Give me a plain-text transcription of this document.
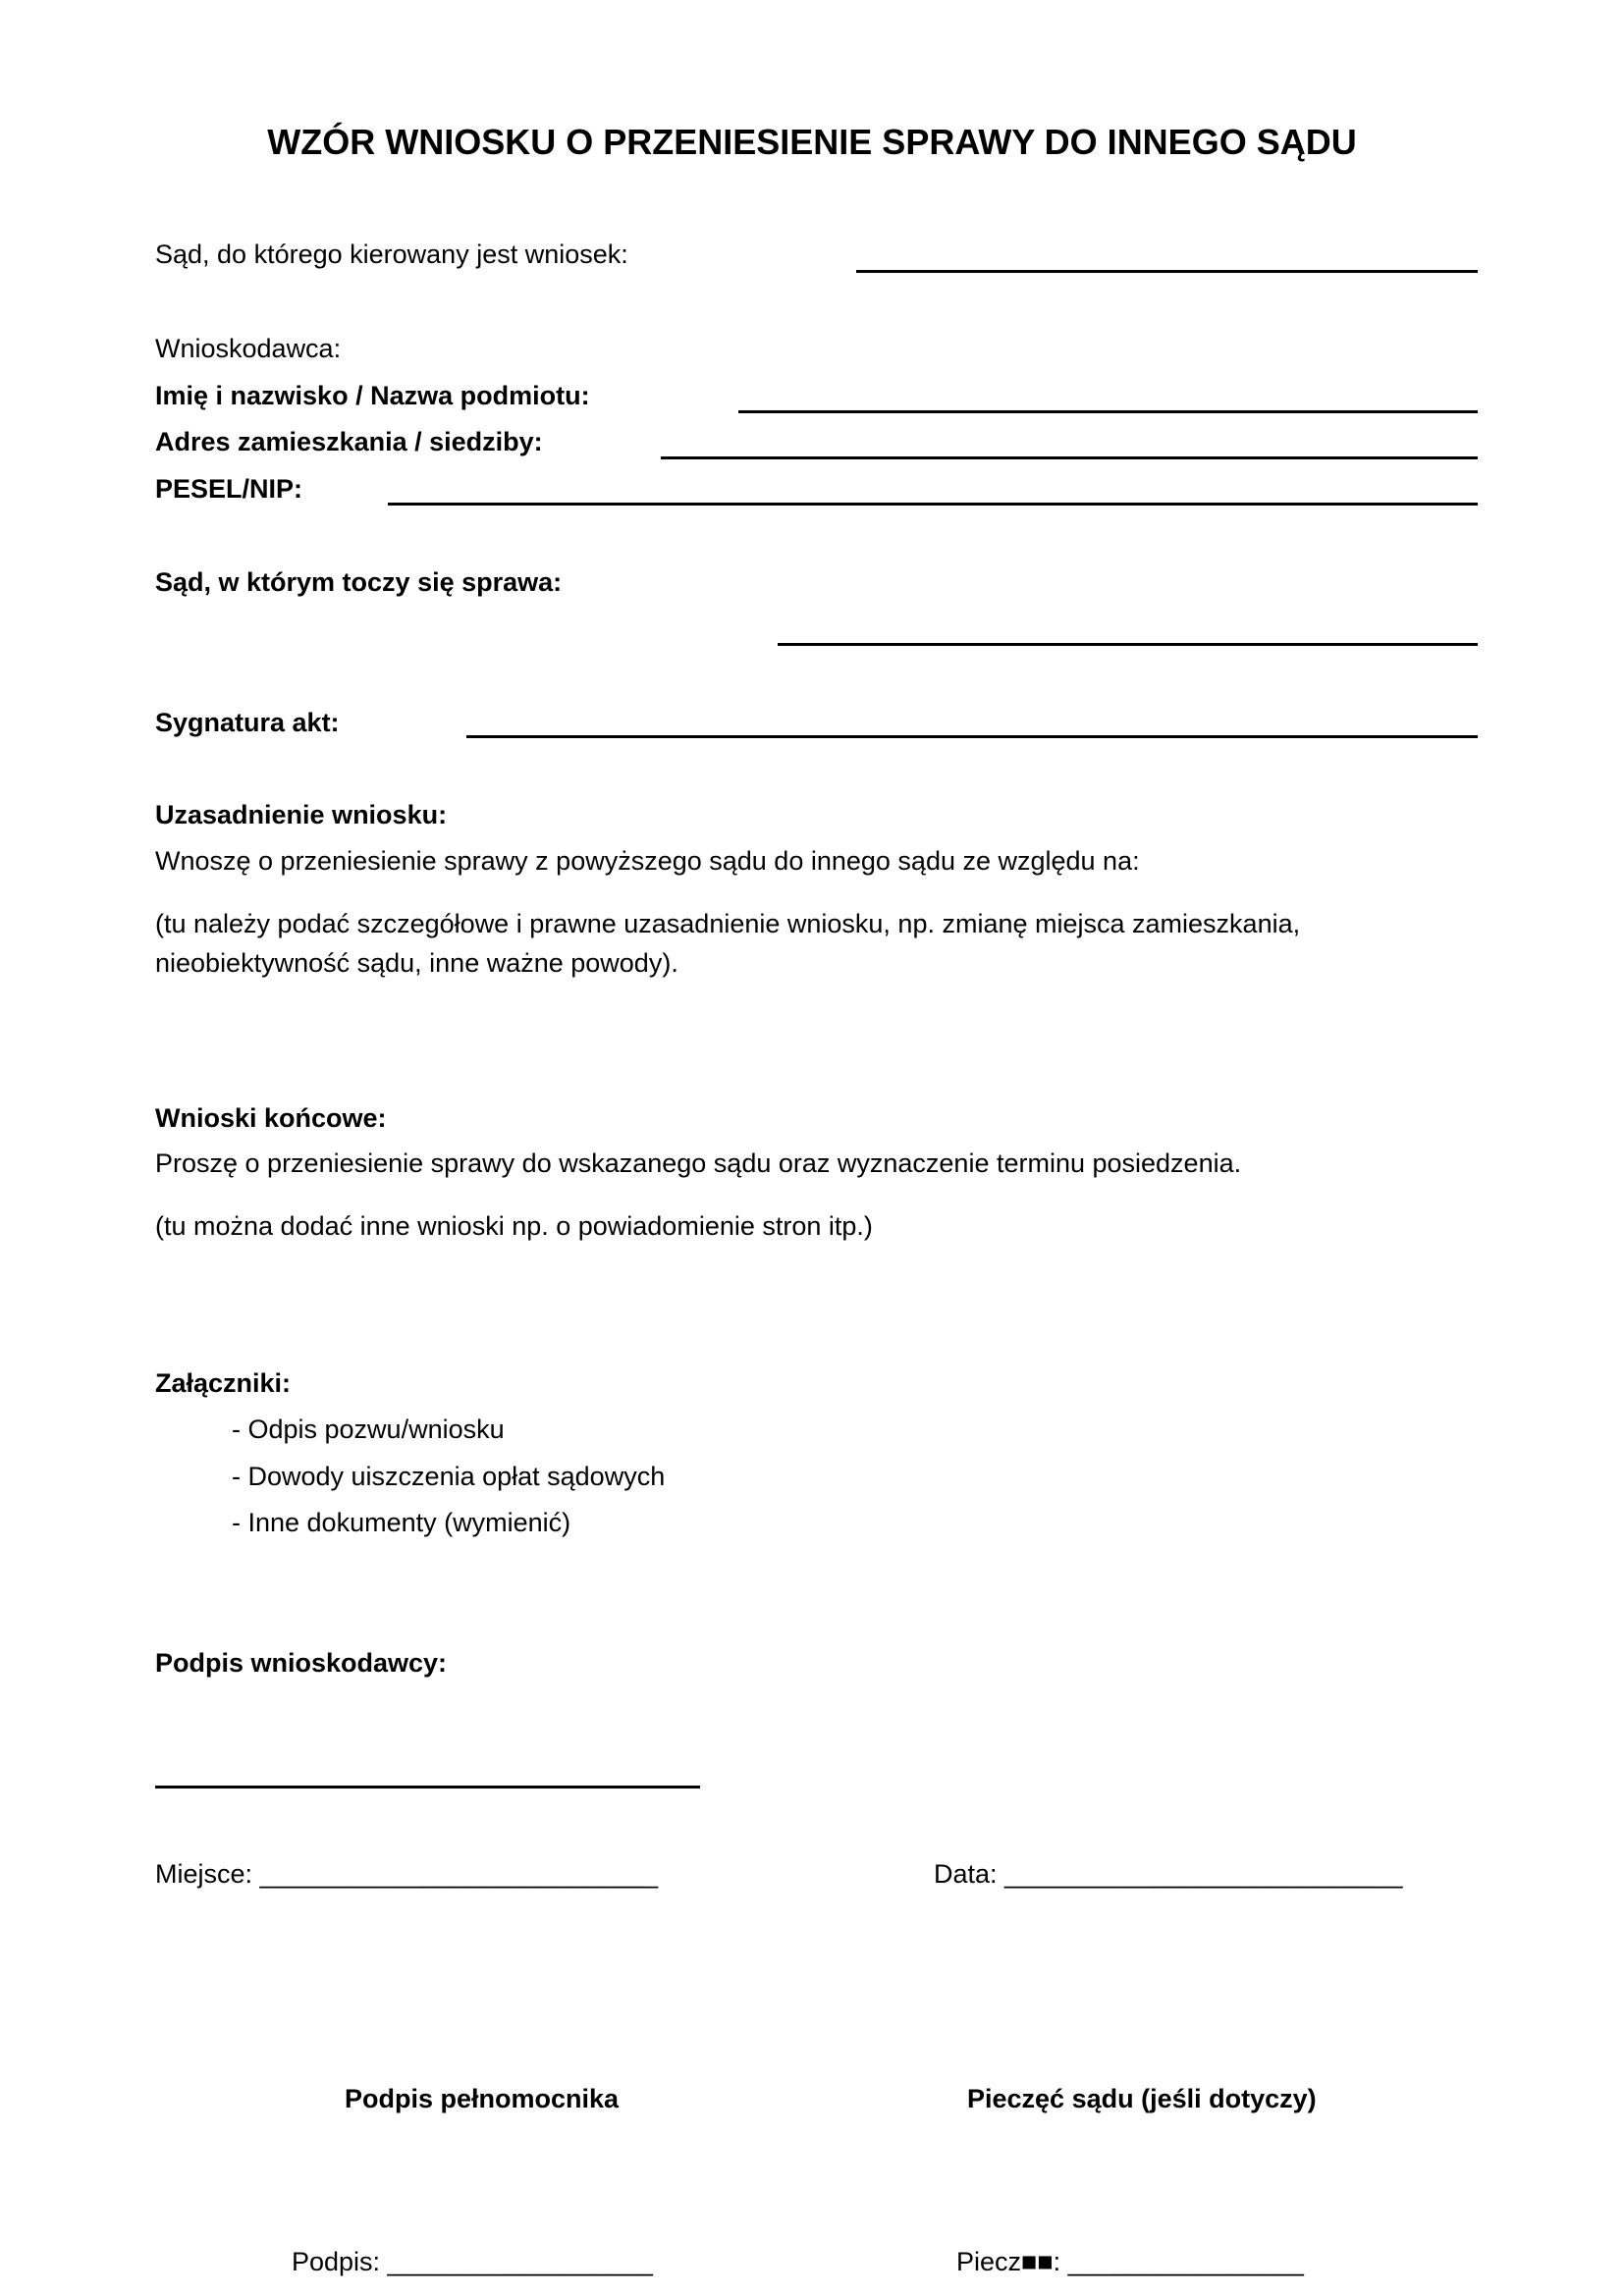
WZÓR WNIOSKU O PRZENIESIENIE SPRAWY DO INNEGO SĄDU
Sąd, do którego kierowany jest wniosek:
Wnioskodawca:
Imię i nazwisko / Nazwa podmiotu:
Adres zamieszkania / siedziby:
PESEL/NIP:
Sąd, w którym toczy się sprawa:
Sygnatura akt:
Uzasadnienie wniosku:
Wnoszę o przeniesienie sprawy z powyższego sądu do innego sądu ze względu na:
(tu należy podać szczegółowe i prawne uzasadnienie wniosku, np. zmianę miejsca zamieszkania,
nieobiektywność sądu, inne ważne powody).
Wnioski końcowe:
Proszę o przeniesienie sprawy do wskazanego sądu oraz wyznaczenie terminu posiedzenia.
(tu można dodać inne wnioski np. o powiadomienie stron itp.)
Załączniki:
- Odpis pozwu/wniosku
- Dowody uiszczenia opłat sądowych
- Inne dokumenty (wymienić)
Podpis wnioskodawcy:
Miejsce: ___________________________	Data: ___________________________
Podpis pełnomocnika	Pieczęć sądu (jeśli dotyczy)
Podpis: __________________	Piecz■■: ________________
